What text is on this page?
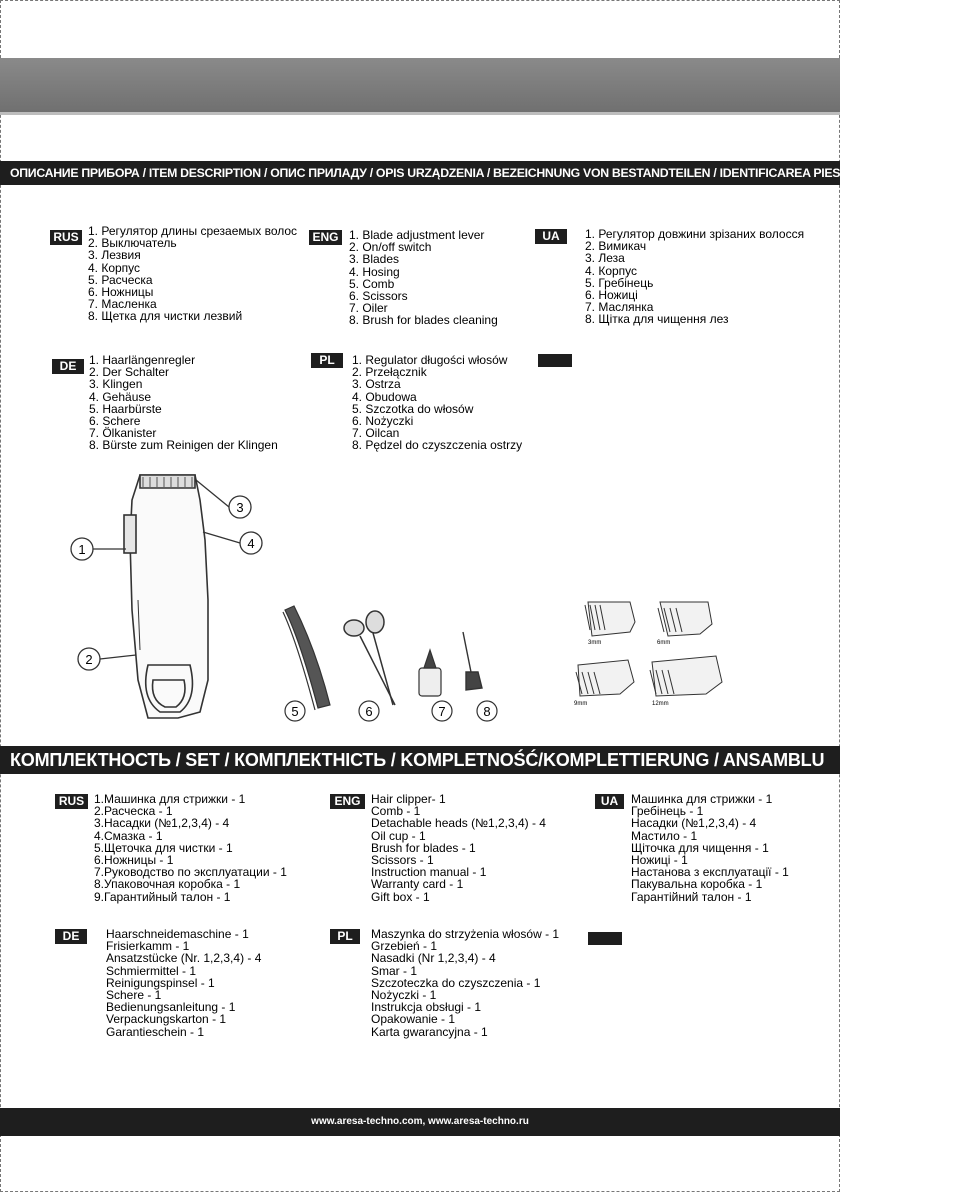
ОПИСАНИЕ ПРИБОРА / ITEM DESCRIPTION / ОПИС ПРИЛАДУ / OPIS URZĄDZENIA / BEZEICHNUNG VON BESTANDTEILEN / IDENTIFICAREA PIESELOR COMPONENTE
RUS 1. Регулятор длины срезаемых волос
2. Выключатель
3. Лезвия
4. Корпус
5. Расческа
6. Ножницы
7. Масленка
8. Щетка для чистки лезвий
ENG 1. Blade adjustment lever
2. On/off switch
3. Blades
4. Hosing
5. Comb
6. Scissors
7. Oiler
8. Brush for blades cleaning
UA	1. Регулятор довжини зрізаних волосся
2. Вимикач
3. Леза
4. Корпус
5. Гребінець
6. Ножиці
7. Маслянка
8. Щітка для чищення лез
DE	1. Haarlängenregler
2. Der Schalter
3. Klingen
4. Gehäuse
5. Haarbürste
6. Schere
7. Ölkanister
8. Bürste zum Reinigen der Klingen
PL	1. Regulator długości włosów
2. Przełącznik
3. Ostrza
4. Obudowa
5. Szczotka do włosów
6. Nożyczki
7. Oilcan
8. Pędzel do czyszczenia ostrzy
1
2
3
4
5	6	7	8
3mm	6mm
9mm	12mm
КОМПЛЕКТНОСТЬ / SET / КОМПЛЕКТНІСТЬ / KOMPLETNOŚĆ/KOMPLETTIERUNG / ANSAMBLU
RUS 1.Машинка для стрижки - 1
2.Расческа - 1
3.Насадки (№1,2,3,4) - 4
4.Смазка - 1
5.Щеточка для чистки - 1
6.Ножницы - 1
7.Руководство по эксплуатации - 1
8.Упаковочная коробка - 1
9.Гарантийный талон - 1
ENG Hair clipper- 1
Comb - 1
Detachable heads (№1,2,3,4) - 4
Oil cup - 1
Brush for blades - 1
Scissors - 1
Instruction manual - 1
Warranty card - 1
Gift box - 1
UA	Машинка для стрижки - 1
Гребінець - 1
Насадки (№1,2,3,4) - 4
Мастило - 1
Щіточка для чищення - 1
Ножиці - 1
Настанова з експлуатації - 1
Пакувальна коробка - 1
Гарантійний талон - 1
DE	Haarschneidemaschine - 1
Frisierkamm - 1
Ansatzstücke (Nr. 1,2,3,4) - 4
Schmiermittel - 1
Reinigungspinsel - 1
Schere - 1
Bedienungsanleitung - 1
Verpackungskarton - 1
Garantieschein - 1
PL	Maszynka do strzyżenia włosów - 1
Grzebień - 1
Nasadki (Nr 1,2,3,4) - 4
Smar - 1
Szczoteczka do czyszczenia - 1
Nożyczki - 1
Instrukcja obsługi - 1
Opakowanie - 1
Karta gwarancyjna - 1
www.aresa-techno.com, www.aresa-techno.ru
